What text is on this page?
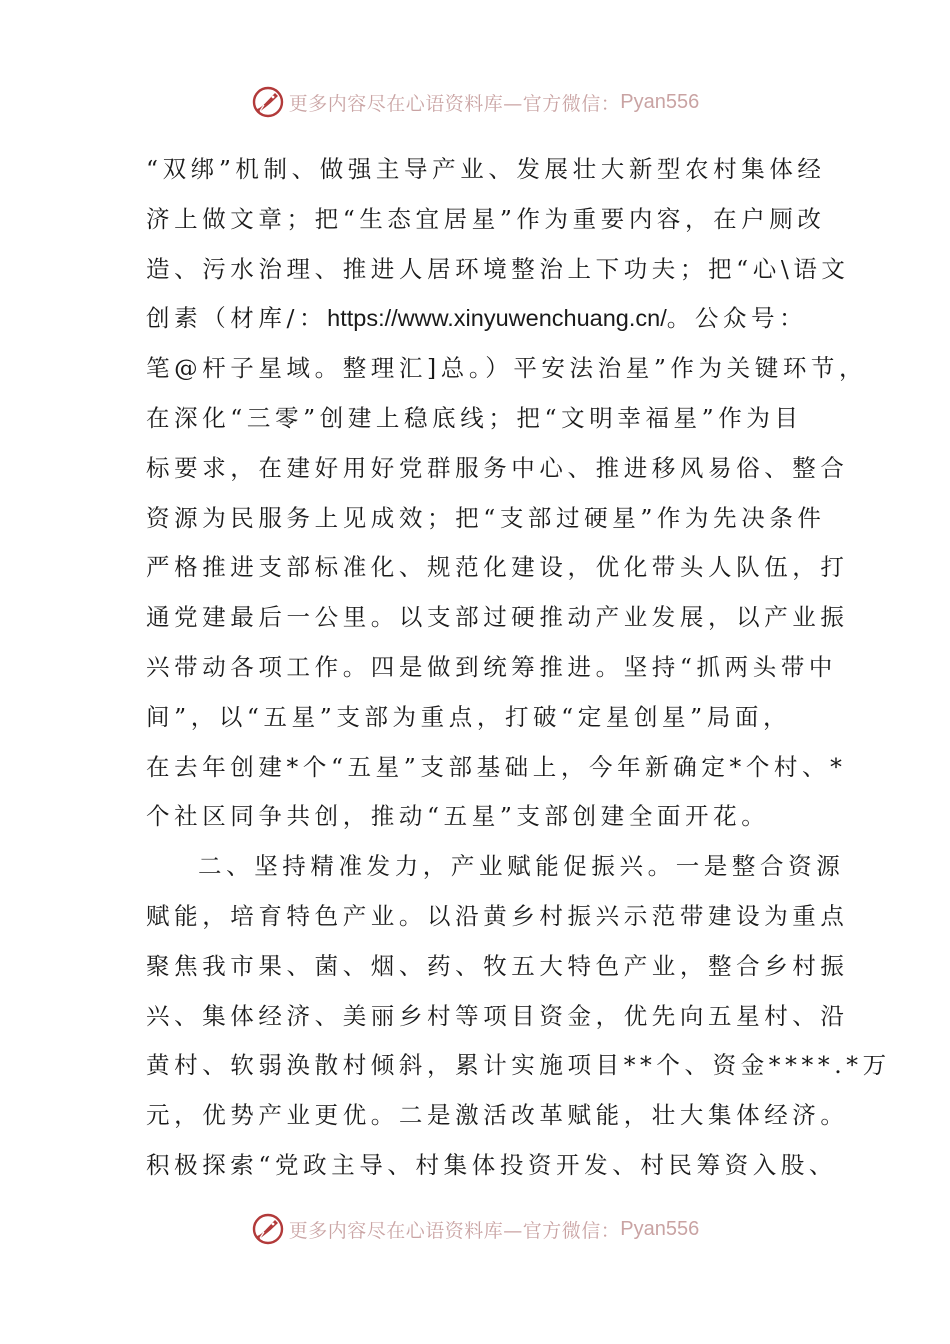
更多内容尽在心语资料库—官方微信： Pyan556
“双绑”机制、做强主导产业、发展壮大新型农村集体经
济上做文章；把“生态宜居星”作为重要内容，在户厕改
造、污水治理、推进人居环境整治上下功夫；把“心\语文
创素（材库/：https://www.xinyuwenchuang.cn/。公众号：
笔@杆子星域。整理汇]总。）平安法治星”作为关键环节，
在深化“三零”创建上稳底线；把“文明幸福星”作为目
标要求，在建好用好党群服务中心、推进移风易俗、整合
资源为民服务上见成效；把“支部过硬星”作为先决条件
严格推进支部标准化、规范化建设，优化带头人队伍，打
通党建最后一公里。以支部过硬推动产业发展，以产业振
兴带动各项工作。四是做到统筹推进。坚持“抓两头带中
间”，以“五星”支部为重点，打破“定星创星”局面，
在去年创建*个“五星”支部基础上，今年新确定*个村、*
个社区同争共创，推动“五星”支部创建全面开花。
二、坚持精准发力，产业赋能促振兴。一是整合资源
赋能，培育特色产业。以沿黄乡村振兴示范带建设为重点
聚焦我市果、菌、烟、药、牧五大特色产业，整合乡村振
兴、集体经济、美丽乡村等项目资金，优先向五星村、沿
黄村、软弱涣散村倾斜，累计实施项目**个、资金****.*万
元，优势产业更优。二是激活改革赋能，壮大集体经济。
积极探索“党政主导、村集体投资开发、村民筹资入股、
更多内容尽在心语资料库—官方微信： Pyan556
